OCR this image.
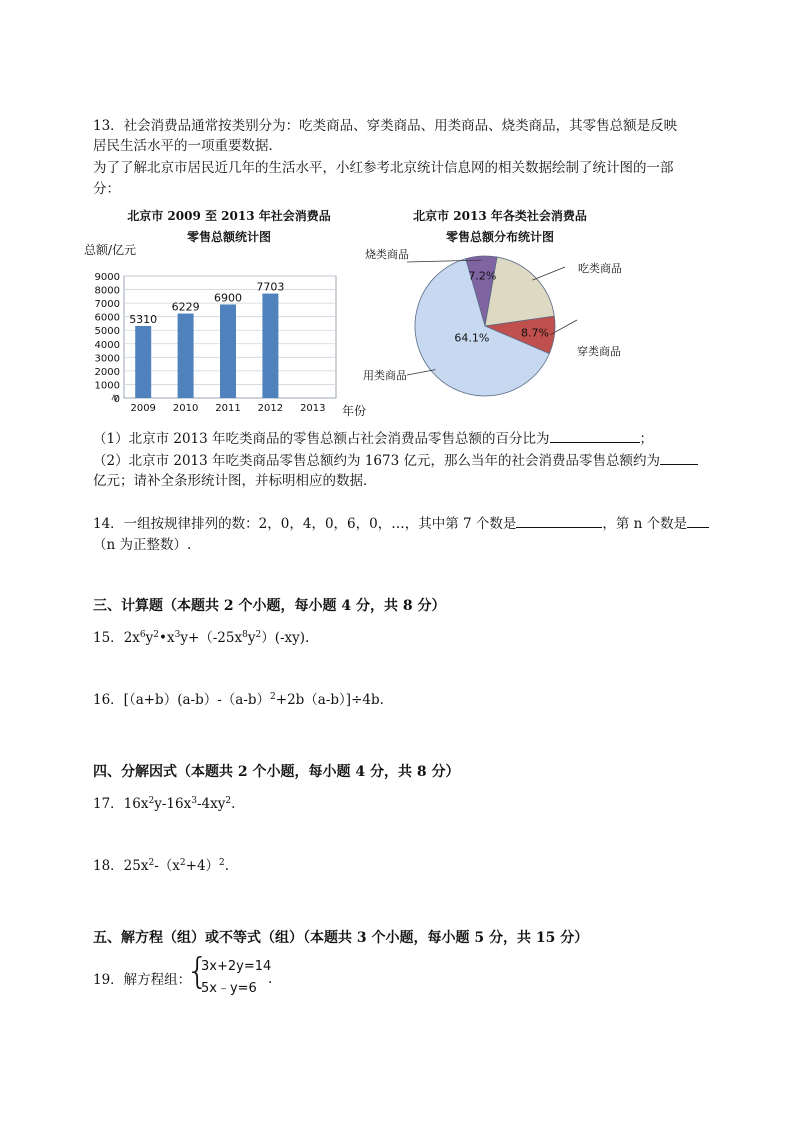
13．社会消费品通常按类别分为：吃类商品、穿类商品、用类商品、烧类商品，其零售总额是反映
居民生活水平的一项重要数据．
为了了解北京市居民近几年的生活水平，小红参考北京统计信息网的相关数据绘制了统计图的一部
分：
北京市 2009 至 2013 年社会消费品
零售总额统计图
总额/亿元
0
1000
2000
3000
4000
5000
6000
7000
8000
9000
2009
5310
2010
6229
2011
6900
2012
7703
2013 年份
北京市 2013 年各类社会消费品
零售总额分布统计图
7.2%
8.7%
64.1%
烧类商品
吃类商品
穿类商品
用类商品
（1）北京市 2013 年吃类商品的零售总额占社会消费品零售总额的百分比为	；
（2）北京市 2013 年吃类商品零售总额约为 1673 亿元，那么当年的社会消费品零售总额约为
亿元；请补全条形统计图，并标明相应的数据．
14．一组按规律排列的数：2，0，4，0，6，0，…，其中第 7 个数是	，第 n 个数是
（n 为正整数）.
三、计算题（本题共 2 个小题，每小题 4 分，共 8 分）
15．$2x^6y^2•x^3y+(-25x^8y^2)(-xy)$.
16．$[(a+b)(a-b)-(a-b)^2+2b(a-b)]\div 4b$.
四、分解因式（本题共 2 个小题，每小题 4 分，共 8 分）
17．$16x^2y-16x^3-4xy^2$.
18．$25x^2-(x^2+4)^2$.
五、解方程（组）或不等式（组）（本题共 3 个小题，每小题 5 分，共 15 分）
19．解方程组：
{
3x+2y=14
5x﹣y=6
.
